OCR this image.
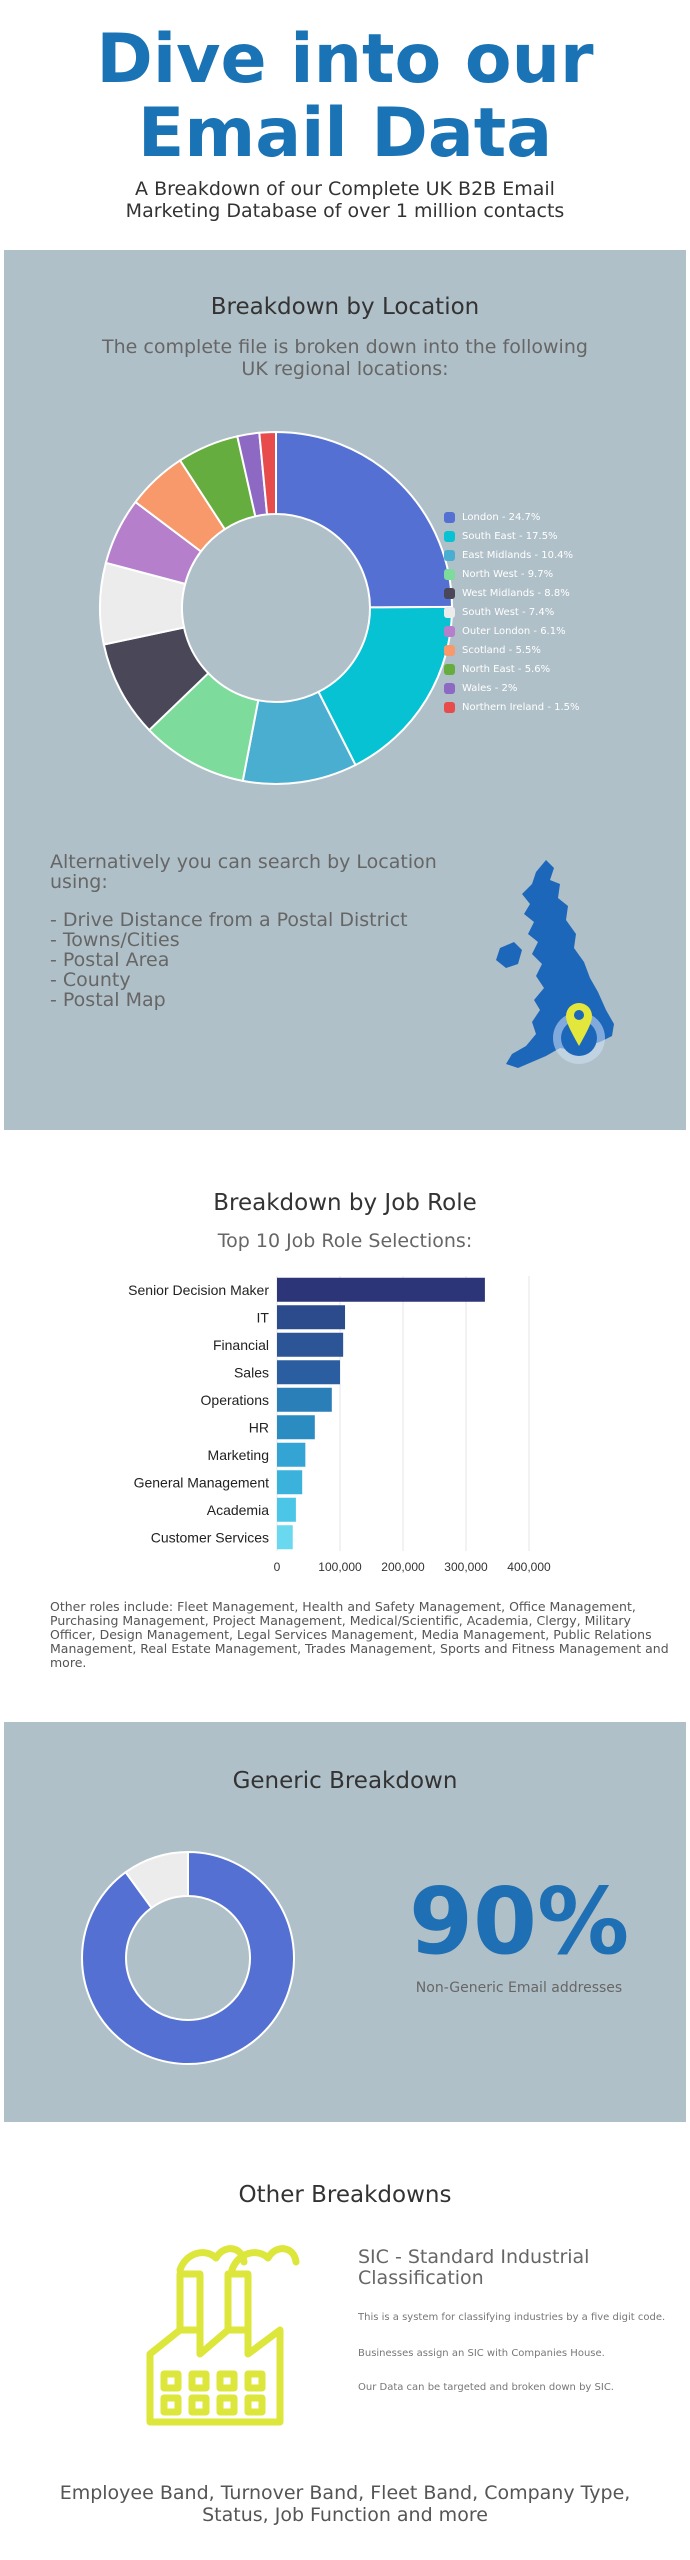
Dive into our
Email Data
A Breakdown of our Complete UK B2B Email
Marketing Database of over 1 million contacts
Breakdown by Location
The complete file is broken down into the following
UK regional locations:
London - 24.7%
South East - 17.5%
East Midlands - 10.4%
North West - 9.7%
West Midlands - 8.8%
South West - 7.4%
Outer London - 6.1%
Scotland - 5.5%
North East - 5.6%
Wales - 2%
Northern Ireland - 1.5%
Alternatively you can search by Location
using:
- Drive Distance from a Postal District
- Towns/Cities
- Postal Area
- County
- Postal Map
Breakdown by Job Role
Top 10 Job Role Selections:
0	100,000 200,000 300,000 400,000
Senior Decision Maker
IT
Financial
Sales
Operations
HR
Marketing
General Management
Academia
Customer Services
Other roles include: Fleet Management, Health and Safety Management, Office Management, Purchasing Management, Project Management, Medical/Scientific, Academia, Clergy, Military Officer, Design Management, Legal Services Management, Media Management, Public Relations Management, Real Estate Management, Trades Management, Sports and Fitness Management and more.
Generic Breakdown
90%
Non-Generic Email addresses
Other Breakdowns
SIC - Standard Industrial
Classification
This is a system for classifying industries by a five digit code.
Businesses assign an SIC with Companies House.
Our Data can be targeted and broken down by SIC.
Employee Band, Turnover Band, Fleet Band, Company Type,
Status, Job Function and more
